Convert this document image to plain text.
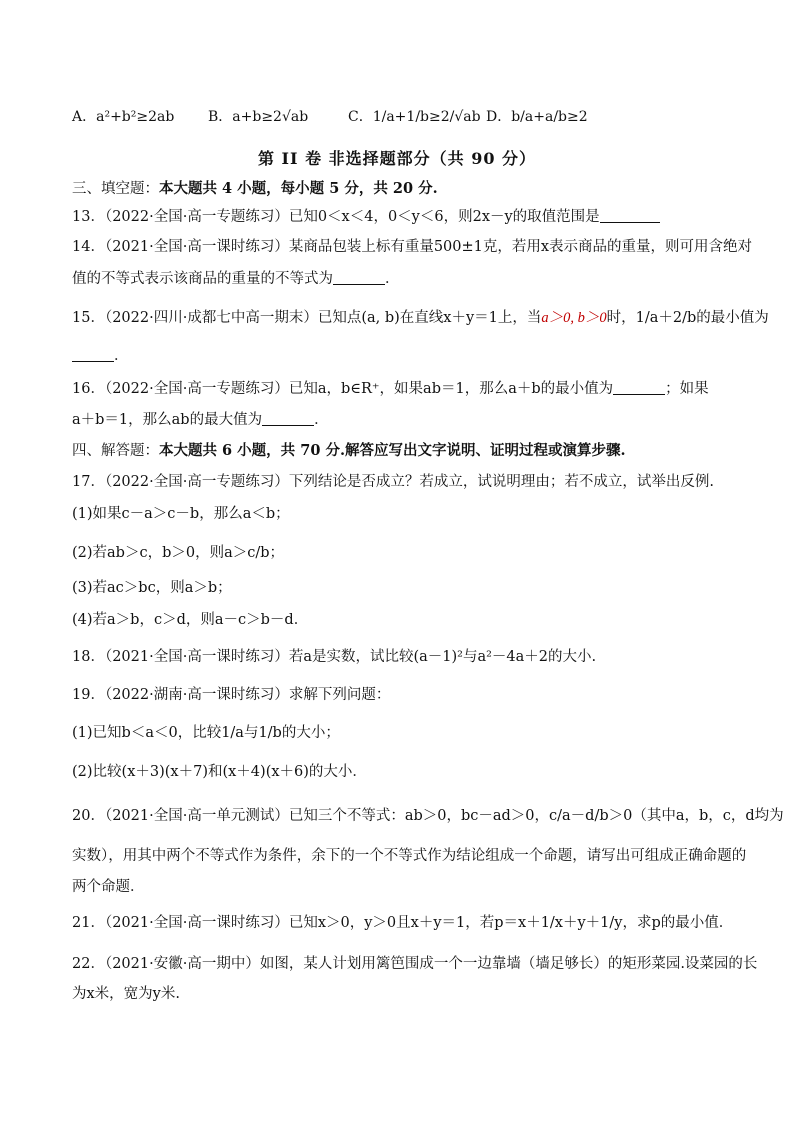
A．a²+b²≥2ab B．a+b≥2√ab	C．1/a+1/b≥2/√ab D．b/a+a/b≥2
第 II 卷 非选择题部分（共 90 分）
三、填空题：本大题共 4 小题，每小题 5 分，共 20 分.
13．（2022·全国·高一专题练习）已知0＜x＜4，0＜y＜6，则2x－y的取值范围是
14．（2021·全国·高一课时练习）某商品包装上标有重量500±1克，若用x表示商品的重量，则可用含绝对
值的不等式表示该商品的重量的不等式为	．
15．（2022·四川·成都七中高一期末）已知点(a, b)在直线x＋y＝1上，当a＞0, b＞0时，1/a＋2/b的最小值为
．
16．（2022·全国·高一专题练习）已知a，b∈R⁺，如果ab＝1，那么a＋b的最小值为	；如果
a＋b＝1，那么ab的最大值为	．
四、解答题：本大题共 6 小题，共 70 分.解答应写出文字说明、证明过程或演算步骤.
17．（2022·全国·高一专题练习）下列结论是否成立？若成立，试说明理由；若不成立，试举出反例.
(1)如果c－a＞c－b，那么a＜b；
(2)若ab＞c，b＞0，则a＞c/b；
(3)若ac＞bc，则a＞b；
(4)若a＞b，c＞d，则a－c＞b－d．
18．（2021·全国·高一课时练习）若a是实数，试比较(a－1)²与a²－4a＋2的大小.
19．（2022·湖南·高一课时练习）求解下列问题：
(1)已知b＜a＜0，比较1/a与1/b的大小；
(2)比较(x＋3)(x＋7)和(x＋4)(x＋6)的大小．
20．（2021·全国·高一单元测试）已知三个不等式：ab＞0，bc－ad＞0，c/a－d/b＞0（其中a，b，c，d均为
实数），用其中两个不等式作为条件，余下的一个不等式作为结论组成一个命题，请写出可组成正确命题的
两个命题．
21．（2021·全国·高一课时练习）已知x＞0，y＞0且x＋y＝1，若p＝x＋1/x＋y＋1/y，求p的最小值．
22．（2021·安徽·高一期中）如图，某人计划用篱笆围成一个一边靠墙（墙足够长）的矩形菜园.设菜园的长
为x米，宽为y米.
